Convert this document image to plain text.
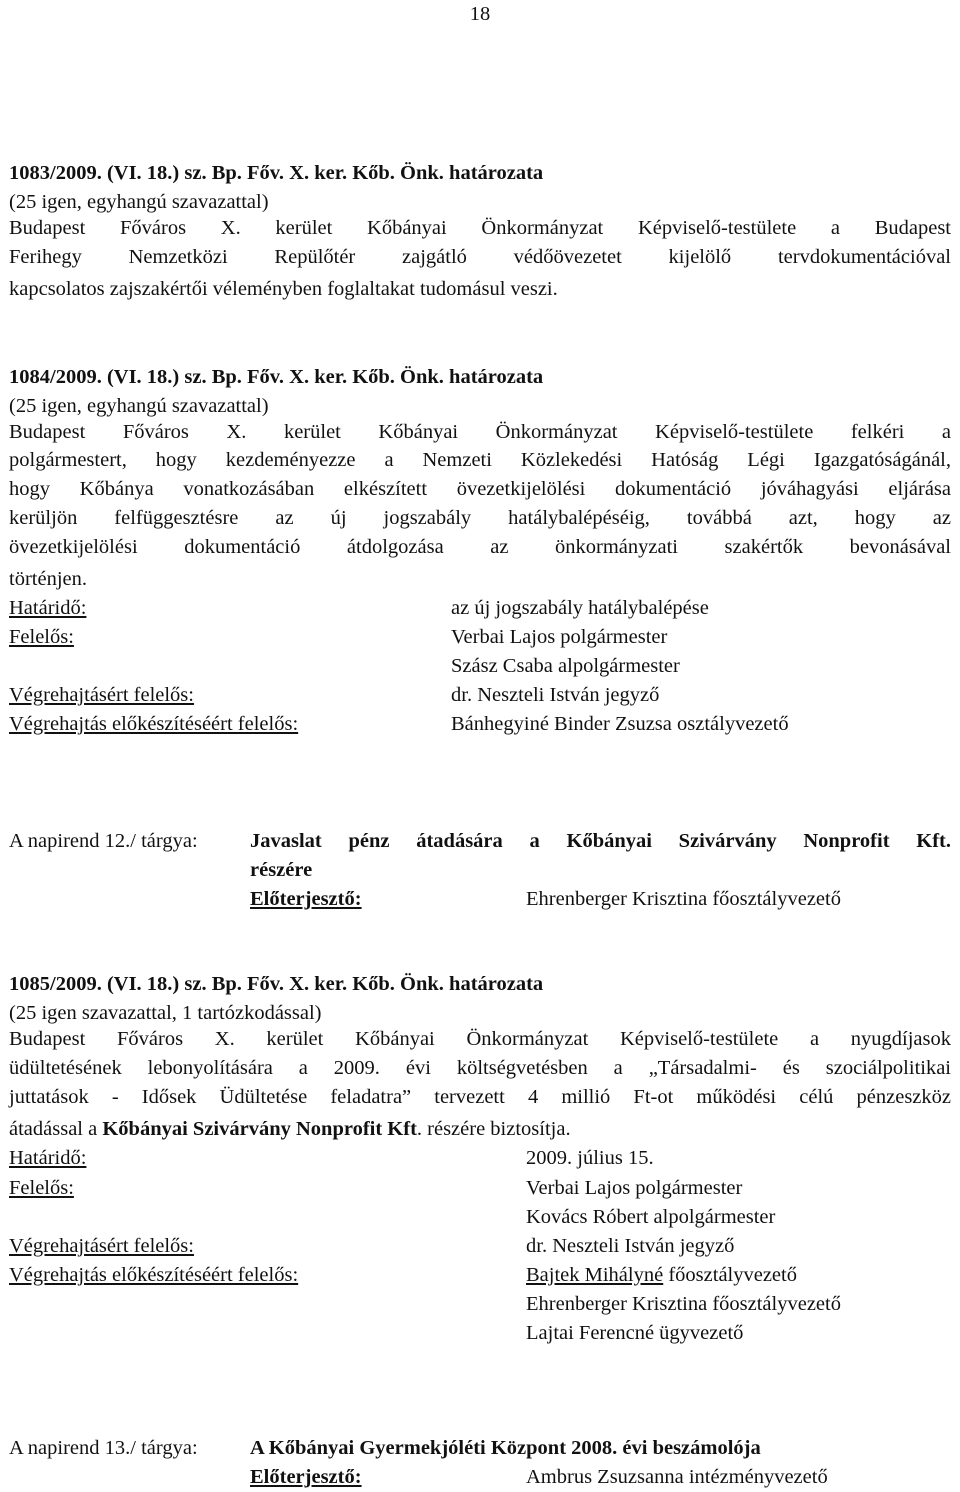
18
1083/2009. (VI. 18.) sz. Bp. Főv. X. ker. Kőb. Önk. határozata
(25 igen, egyhangú szavazattal)
Budapest Főváros X. kerület Kőbányai Önkormányzat Képviselő-testülete a Budapest
Ferihegy Nemzetközi Repülőtér zajgátló védőövezetet kijelölő tervdokumentációval
kapcsolatos zajszakértői véleményben foglaltakat tudomásul veszi.
1084/2009. (VI. 18.) sz. Bp. Főv. X. ker. Kőb. Önk. határozata
(25 igen, egyhangú szavazattal)
Budapest Főváros X. kerület Kőbányai Önkormányzat Képviselő-testülete felkéri a
polgármestert, hogy kezdeményezze a Nemzeti Közlekedési Hatóság Légi Igazgatóságánál,
hogy Kőbánya vonatkozásában elkészített övezetkijelölési dokumentáció jóváhagyási eljárása
kerüljön felfüggesztésre az új jogszabály hatálybalépéséig, továbbá azt, hogy az
övezetkijelölési dokumentáció átdolgozása az önkormányzati szakértők bevonásával
történjen.
Határidő:	az új jogszabály hatálybalépése
Felelős:	Verbai Lajos polgármester
Szász Csaba alpolgármester
Végrehajtásért felelős:	dr. Neszteli István jegyző
Végrehajtás előkészítéséért felelős:	Bánhegyiné Binder Zsuzsa osztályvezető
A napirend 12./ tárgya:	Javaslat pénz átadására a Kőbányai Szivárvány Nonprofit Kft.
részére
Előterjesztő:	Ehrenberger Krisztina főosztályvezető
1085/2009. (VI. 18.) sz. Bp. Főv. X. ker. Kőb. Önk. határozata
(25 igen szavazattal, 1 tartózkodással)
Budapest Főváros X. kerület Kőbányai Önkormányzat Képviselő-testülete a nyugdíjasok
üdültetésének lebonyolítására a 2009. évi költségvetésben a „Társadalmi- és szociálpolitikai
juttatások - Idősek Üdültetése feladatra” tervezett 4 millió Ft-ot működési célú pénzeszköz
átadással a Kőbányai Szivárvány Nonprofit Kft. részére biztosítja.
Határidő:	2009. július 15.
Felelős:	Verbai Lajos polgármester
Kovács Róbert alpolgármester
Végrehajtásért felelős:	dr. Neszteli István jegyző
Végrehajtás előkészítéséért felelős:	Bajtek Mihályné főosztályvezető
Ehrenberger Krisztina főosztályvezető
Lajtai Ferencné ügyvezető
A napirend 13./ tárgya:	A Kőbányai Gyermekjóléti Központ 2008. évi beszámolója
Előterjesztő:	Ambrus Zsuzsanna intézményvezető
